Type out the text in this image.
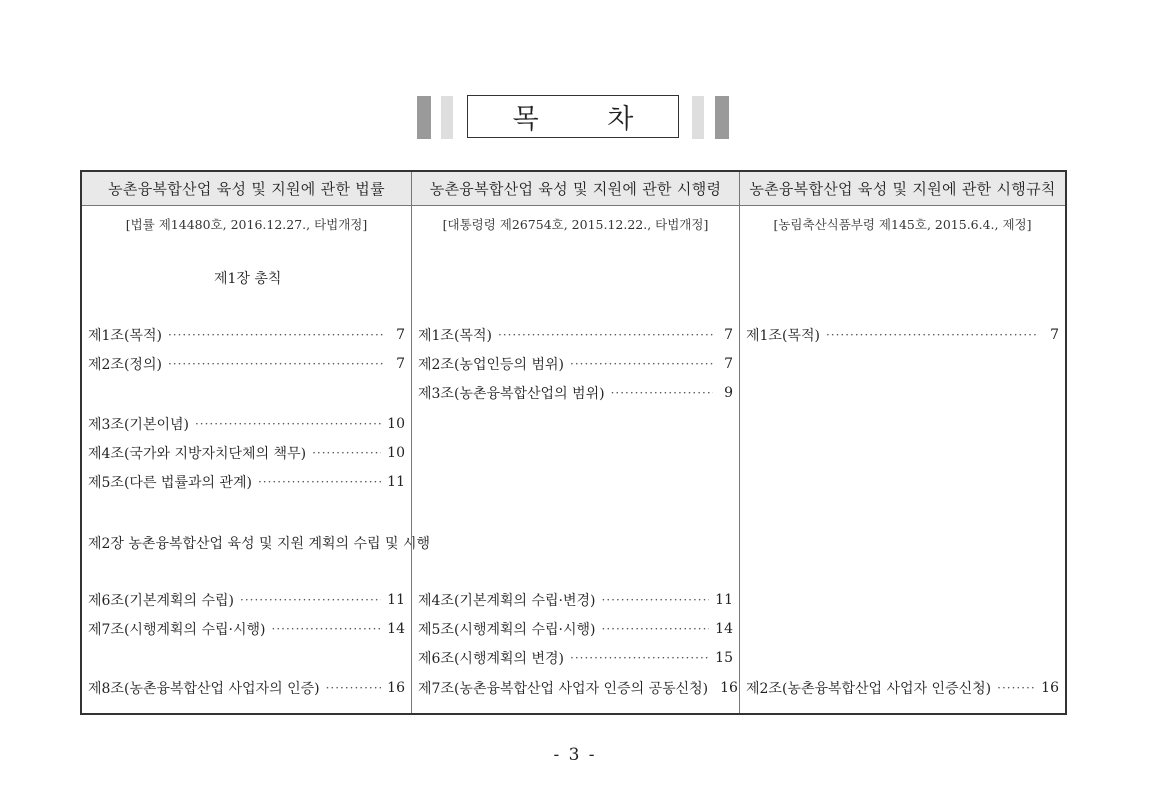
목 차
농촌융복합산업 육성 및 지원에 관한 법률
[법률 제14480호, 2016.12.27., 타법개정]
제1장 총칙
제1조(목적) ·····	7
제2조(정의) ·····	7
제3조(기본이념) ·····	10
제4조(국가와 지방자치단체의 책무) ·····	10
제5조(다른 법률과의 관계) ·····	11
제2장 농촌융복합산업 육성 및 지원 계획의 수립 및 시행
제6조(기본계획의 수립) ·····	11
제7조(시행계획의 수립·시행) ·····	14
제8조(농촌융복합산업 사업자의 인증) ·····	16
농촌융복합산업 육성 및 지원에 관한 시행령
[대통령령 제26754호, 2015.12.22., 타법개정]
제1조(목적) ·····	7
제2조(농업인등의 범위) ·····	7
제3조(농촌융복합산업의 범위) ·····	9
제4조(기본계획의 수립·변경) ·····	11
제5조(시행계획의 수립·시행) ·····	14
제6조(시행계획의 변경) ·····	15
제7조(농촌융복합산업 사업자 인증의 공동신청) 16
농촌융복합산업 육성 및 지원에 관한 시행규칙
[농림축산식품부령 제145호, 2015.6.4., 제정]
제1조(목적) ·····	7
제2조(농촌융복합산업 사업자 인증신청) ·····	16
- 3 -
